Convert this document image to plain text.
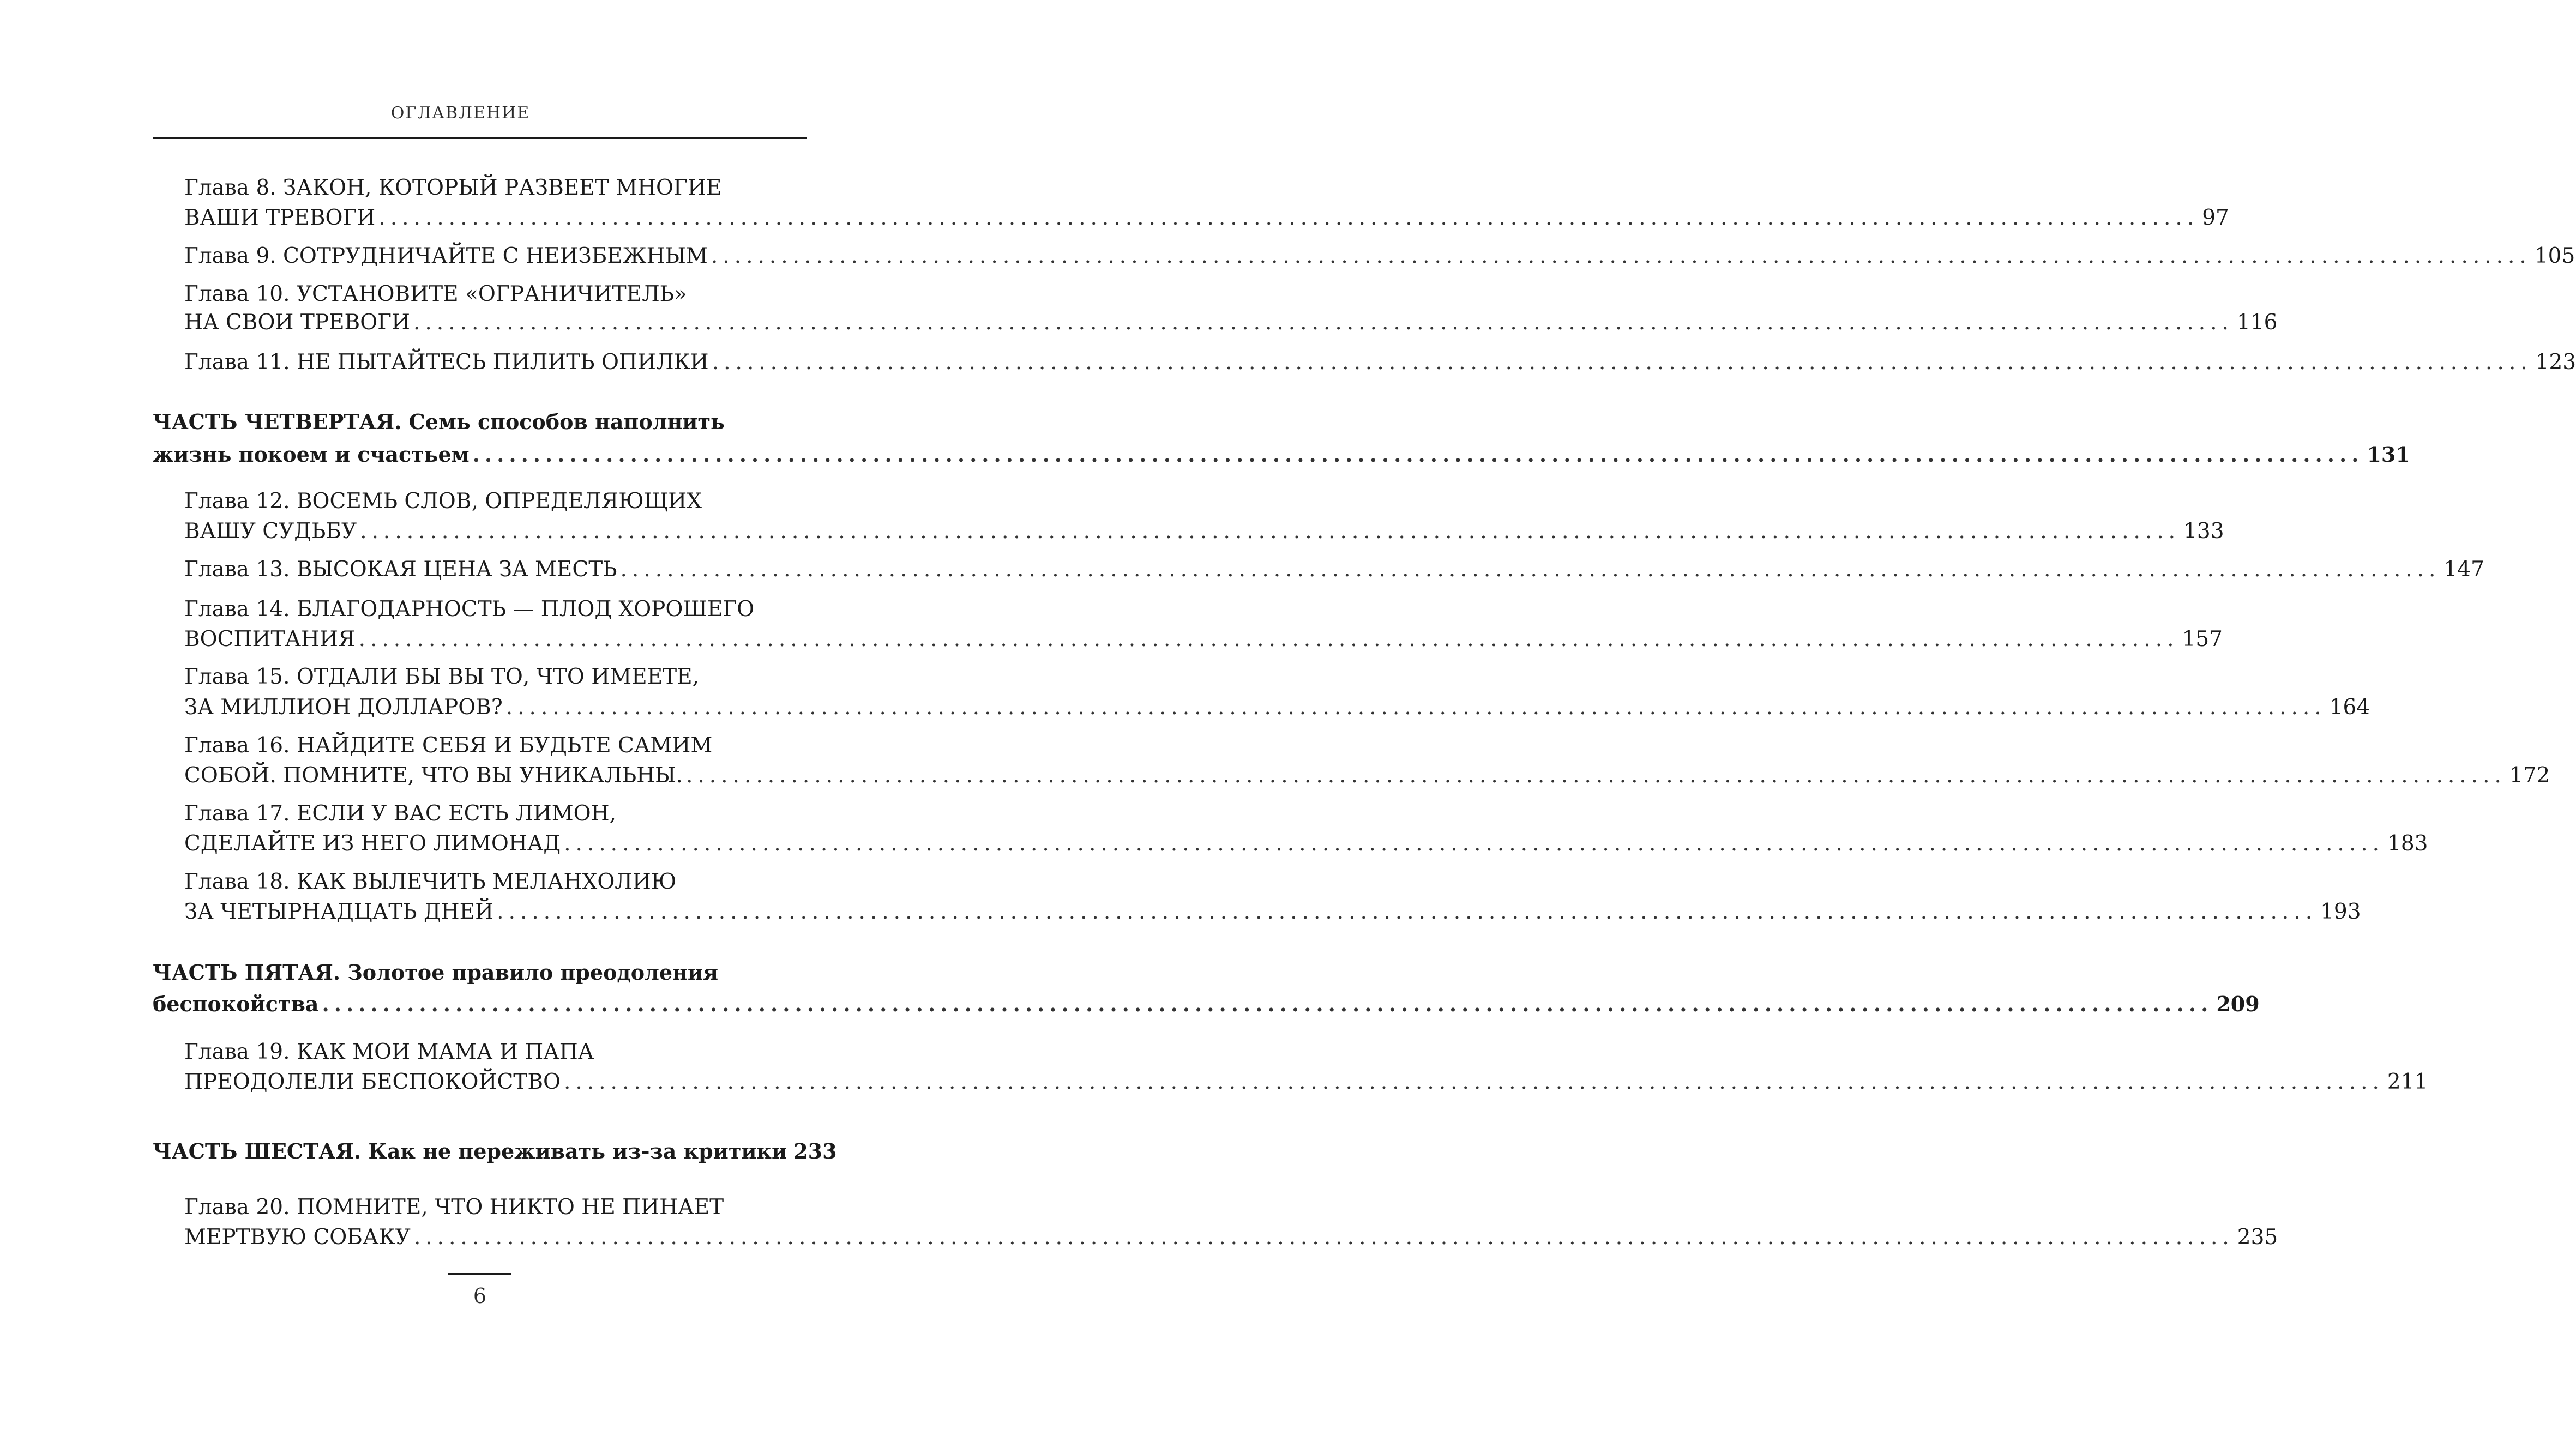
ОГЛАВЛЕНИЕ
Глава 8. ЗАКОН, КОТОРЫЙ РАЗВЕЕТ МНОГИЕ
ВАШИ ТРЕВОГИ ............................................................................................................................................................ 97
Глава 9. СОТРУДНИЧАЙТЕ С НЕИЗБЕЖНЫМ ............................................................................................................................................................ 105
Глава 10. УСТАНОВИТЕ «ОГРАНИЧИТЕЛЬ»
НА СВОИ ТРЕВОГИ ............................................................................................................................................................ 116
Глава 11. НЕ ПЫТАЙТЕСЬ ПИЛИТЬ ОПИЛКИ ............................................................................................................................................................ 123
ЧАСТЬ ЧЕТВЕРТАЯ. Семь способов наполнить
жизнь покоем и счастьем ............................................................................................................................................................ 131
Глава 12. ВОСЕМЬ СЛОВ, ОПРЕДЕЛЯЮЩИХ
ВАШУ СУДЬБУ ............................................................................................................................................................ 133
Глава 13. ВЫСОКАЯ ЦЕНА ЗА МЕСТЬ ............................................................................................................................................................ 147
Глава 14. БЛАГОДАРНОСТЬ — ПЛОД ХОРОШЕГО
ВОСПИТАНИЯ ............................................................................................................................................................ 157
Глава 15. ОТДАЛИ БЫ ВЫ ТО, ЧТО ИМЕЕТЕ,
ЗА МИЛЛИОН ДОЛЛАРОВ? ............................................................................................................................................................ 164
Глава 16. НАЙДИТЕ СЕБЯ И БУДЬТЕ САМИМ
СОБОЙ. ПОМНИТЕ, ЧТО ВЫ УНИКАЛЬНЫ. ............................................................................................................................................................ 172
Глава 17. ЕСЛИ У ВАС ЕСТЬ ЛИМОН,
СДЕЛАЙТЕ ИЗ НЕГО ЛИМОНАД ............................................................................................................................................................ 183
Глава 18. КАК ВЫЛЕЧИТЬ МЕЛАНХОЛИЮ
ЗА ЧЕТЫРНАДЦАТЬ ДНЕЙ ............................................................................................................................................................ 193
ЧАСТЬ ПЯТАЯ. Золотое правило преодоления
беспокойства ............................................................................................................................................................ 209
Глава 19. КАК МОИ МАМА И ПАПА
ПРЕОДОЛЕЛИ БЕСПОКОЙСТВО ............................................................................................................................................................ 211
ЧАСТЬ ШЕСТАЯ. Как не переживать из-за критики 233
Глава 20. ПОМНИТЕ, ЧТО НИКТО НЕ ПИНАЕТ
МЕРТВУЮ СОБАКУ ............................................................................................................................................................ 235
6
